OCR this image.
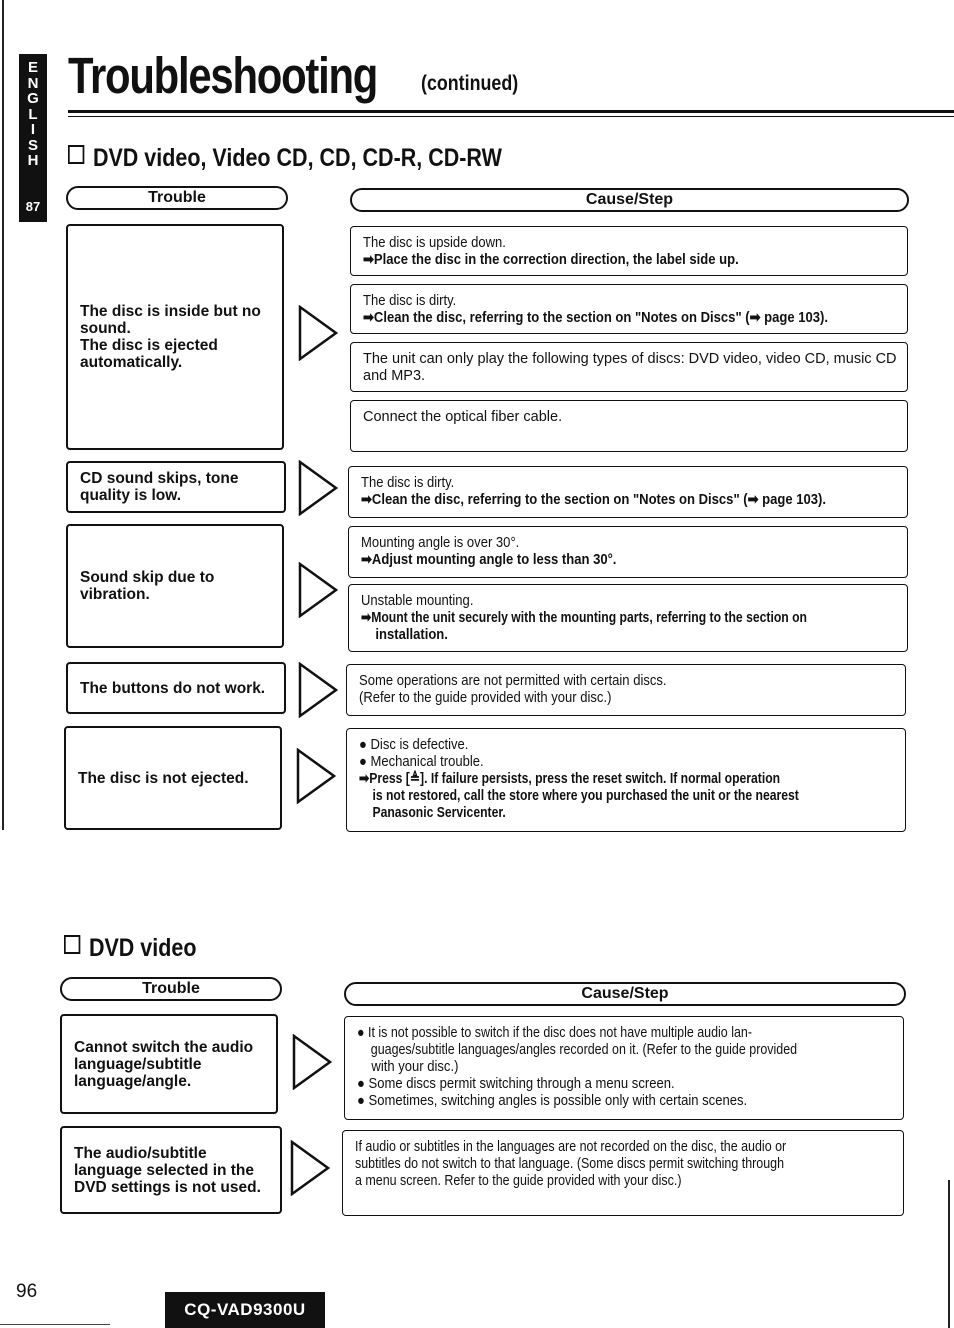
E
N
G
L
I
S
H
87
Troubleshooting (continued)
DVD video, Video CD, CD, CD-R, CD-RW
Trouble	Cause/Step
The disc is inside but no sound.
The disc is ejected automatically.
CD sound skips, tone quality is low.
Sound skip due to vibration.
The buttons do not work.
The disc is not ejected.
The disc is upside down.
➡Place the disc in the correction direction, the label side up.
The disc is dirty.
➡Clean the disc, referring to the section on "Notes on Discs" (➡ page 103).
The unit can only play the following types of discs: DVD video, video CD, music CD and MP3.
Connect the optical fiber cable.
The disc is dirty.
➡Clean the disc, referring to the section on "Notes on Discs" (➡ page 103).
Mounting angle is over 30°.
➡Adjust mounting angle to less than 30°.
Unstable mounting.
➡Mount the unit securely with the mounting parts, referring to the section on
installation.
Some operations are not permitted with certain discs.
(Refer to the guide provided with your disc.)
● Disc is defective.
● Mechanical trouble.
➡Press [≜]. If failure persists, press the reset switch. If normal operation
is not restored, call the store where you purchased the unit or the nearest
Panasonic Servicenter.
DVD video
Trouble	Cause/Step
Cannot switch the audio language/subtitle language/angle.
The audio/subtitle language selected in the DVD settings is not used.
● It is not possible to switch if the disc does not have multiple audio lan-
guages/subtitle languages/angles recorded on it. (Refer to the guide provided
with your disc.)
● Some discs permit switching through a menu screen.
● Sometimes, switching angles is possible only with certain scenes.
If audio or subtitles in the languages are not recorded on the disc, the audio or
subtitles do not switch to that language. (Some discs permit switching through
a menu screen. Refer to the guide provided with your disc.)
96
CQ-VAD9300U
